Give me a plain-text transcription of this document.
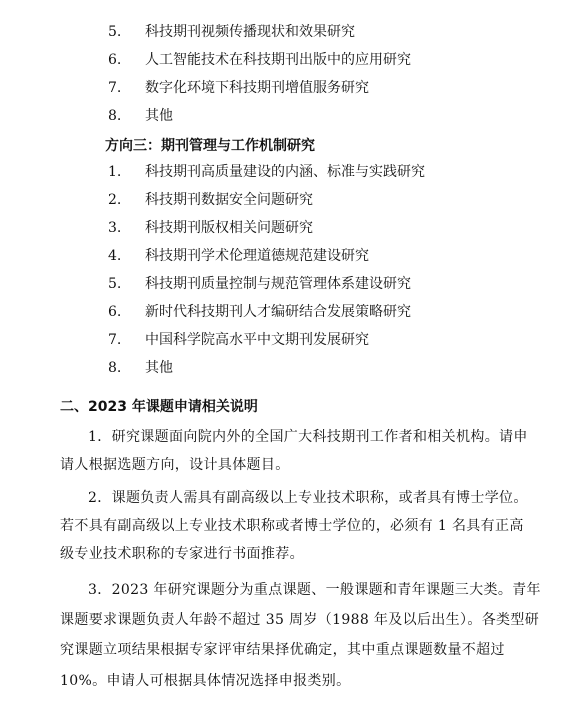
5. 科技期刊视频传播现状和效果研究
6. 人工智能技术在科技期刊出版中的应用研究
7. 数字化环境下科技期刊增值服务研究
8. 其他
方向三：期刊管理与工作机制研究
1. 科技期刊高质量建设的内涵、标准与实践研究
2. 科技期刊数据安全问题研究
3. 科技期刊版权相关问题研究
4. 科技期刊学术伦理道德规范建设研究
5. 科技期刊质量控制与规范管理体系建设研究
6. 新时代科技期刊人才编研结合发展策略研究
7. 中国科学院高水平中文期刊发展研究
8. 其他
二、2023 年课题申请相关说明
1．研究课题面向院内外的全国广大科技期刊工作者和相关机构。请申
请人根据选题方向，设计具体题目。
2．课题负责人需具有副高级以上专业技术职称，或者具有博士学位。
若不具有副高级以上专业技术职称或者博士学位的，必须有 1 名具有正高
级专业技术职称的专家进行书面推荐。
3．2023 年研究课题分为重点课题、一般课题和青年课题三大类。青年
课题要求课题负责人年龄不超过 35 周岁（1988 年及以后出生）。各类型研
究课题立项结果根据专家评审结果择优确定，其中重点课题数量不超过
10%。申请人可根据具体情况选择申报类别。
